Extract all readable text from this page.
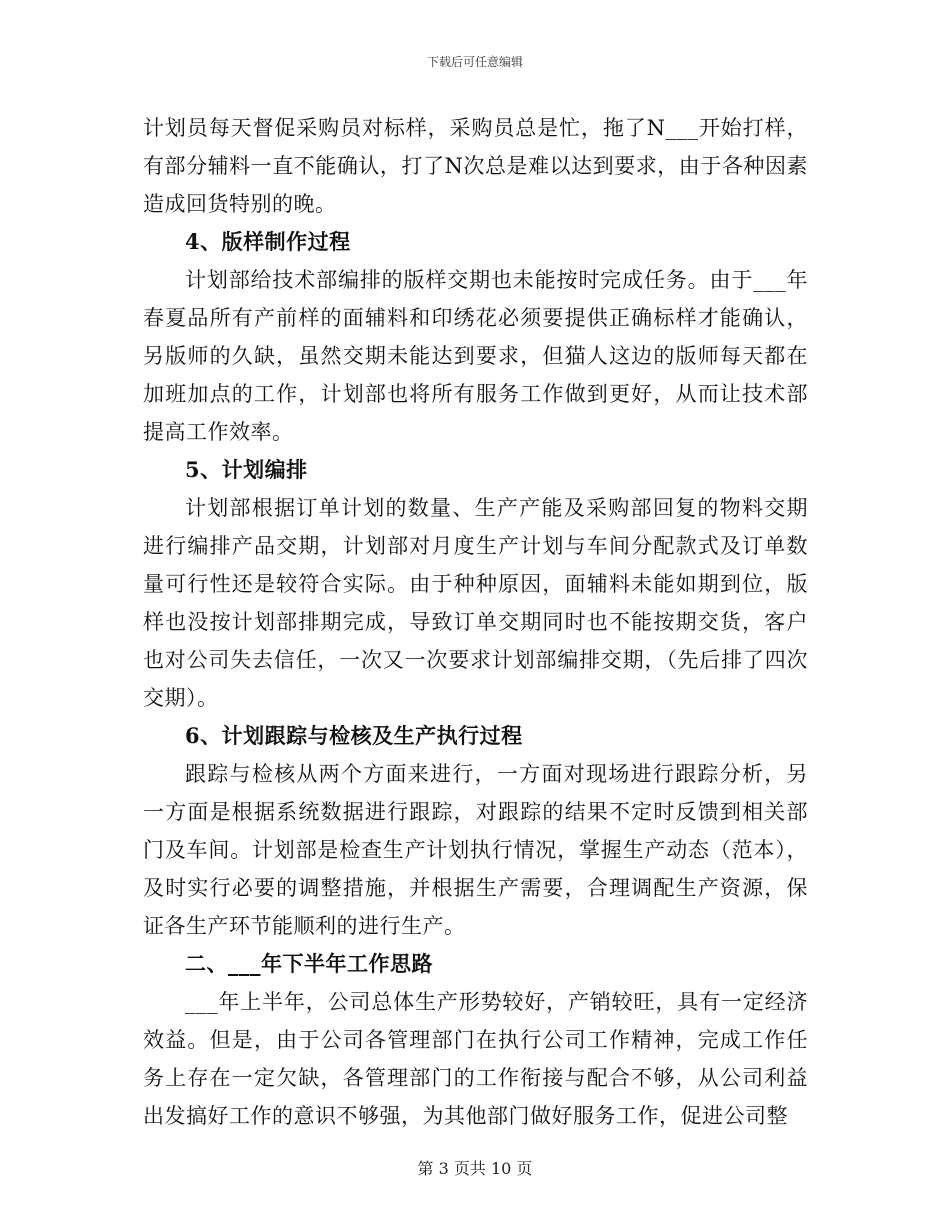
下载后可任意编辑

计划员每天督促采购员对标样，采购员总是忙，拖了N___开始打样，有部分辅料一直不能确认，打了N次总是难以达到要求，由于各种因素造成回货特别的晚。

4、版样制作过程

计划部给技术部编排的版样交期也未能按时完成任务。由于___年春夏品所有产前样的面辅料和印绣花必须要提供正确标样才能确认，另版师的久缺，虽然交期未能达到要求，但猫人这边的版师每天都在加班加点的工作，计划部也将所有服务工作做到更好，从而让技术部提高工作效率。

5、计划编排

计划部根据订单计划的数量、生产产能及采购部回复的物料交期进行编排产品交期，计划部对月度生产计划与车间分配款式及订单数量可行性还是较符合实际。由于种种原因，面辅料未能如期到位，版样也没按计划部排期完成，导致订单交期同时也不能按期交货，客户也对公司失去信任，一次又一次要求计划部编排交期，（先后排了四次交期）。

6、计划跟踪与检核及生产执行过程

跟踪与检核从两个方面来进行，一方面对现场进行跟踪分析，另一方面是根据系统数据进行跟踪，对跟踪的结果不定时反馈到相关部门及车间。计划部是检查生产计划执行情况，掌握生产动态（范本），及时实行必要的调整措施，并根据生产需要，合理调配生产资源，保证各生产环节能顺利的进行生产。

二、___年下半年工作思路

___年上半年，公司总体生产形势较好，产销较旺，具有一定经济效益。但是，由于公司各管理部门在执行公司工作精神，完成工作任务上存在一定欠缺，各管理部门的工作衔接与配合不够，从公司利益出发搞好工作的意识不够强，为其他部门做好服务工作，促进公司整

第 3 页共 10 页
